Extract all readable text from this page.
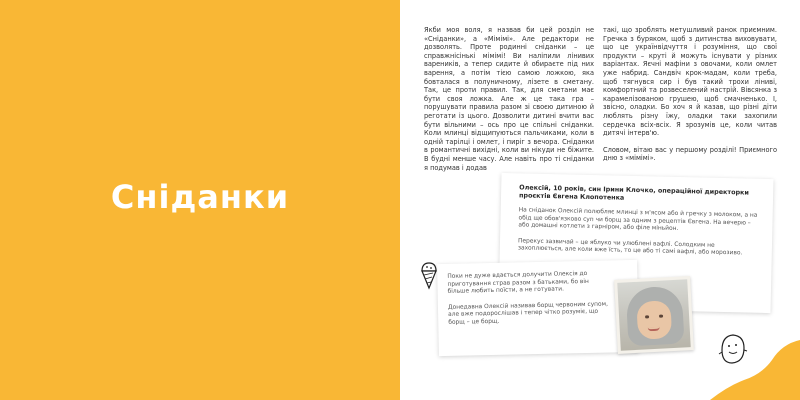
Сніданки

Якби моя воля, я назвав би цей розділ не «Сніданки», а «Мімімі». Але редактори не дозволять. Проте родинні сніданки – це справжнісінькі мімімі! Ви наліпили лінивих вареників, а тепер сидите й обираєте під них варення, а потім тією самою ложкою, яка бовталася в полуничному, лізете в сметану. Так, це проти правил. Так, для сметани має бути своя ложка. Але ж це така гра – порушувати правила разом зі своєю дитиною й реготати із цього. Дозволити дитині вчити вас бути вільними – ось про це спільні сніданки. Коли млинці відщипуються пальчиками, коли в одній тарілці і омлет, і пиріг з вечора. Сніданки в романтичні вихідні, коли ви нікуди не біжите. В будні менше часу. Але навіть про ті сніданки я подумав і додав

такі, що зроблять метушливий ранок приємним. Гречка з буряком, щоб з дитинства виховувати, що це українвідчуття і розуміння, що свої продукти – круті й можуть існувати у різних варіантах. Яєчні мафіни з овочами, коли омлет уже набрид. Сандвіч крок-мадам, коли треба, щоб тягнувся сир і був такий трохи ліниві, комфортний та розвеселений настрій. Вівсянка з карамелізованою грушею, щоб смачненько. І, звісно, оладки. Бо хоч я й казав, що різні діти люблять різну їжу, оладки таки захопили сердечка всіх-всіх. Я зрозумів це, коли читав дитячі інтерв'ю.

Словом, вітаю вас у першому розділі! Приємного дню з «мімімі».

Олексій, 10 років, син Ірини Клочко, операційної директорки проєктів Євгена Клопотенка
На сніданок Олексій полюбляє млинці з м'ясом або й гречку з молоком, а на обід ще обов'язково суп чи борщ за одним з рецептів Євгена. На вечерю – або домашні котлети з гарніром, або філе міньйон.
Перекус зазвичай – це яблуко чи улюблені вафлі. Солодким не захоплюється, але коли вже їсть, то це або ті самі вафлі, або морозиво.
Поки не дуже вдається долучити Олексія до приготування страв разом з батьками, бо він більше любить поїсти, а не готувати.
Донедавна Олексій називав борщ червоним супом, але вже подорослішав і тепер чітко розуміє, що борщ – це борщ.
